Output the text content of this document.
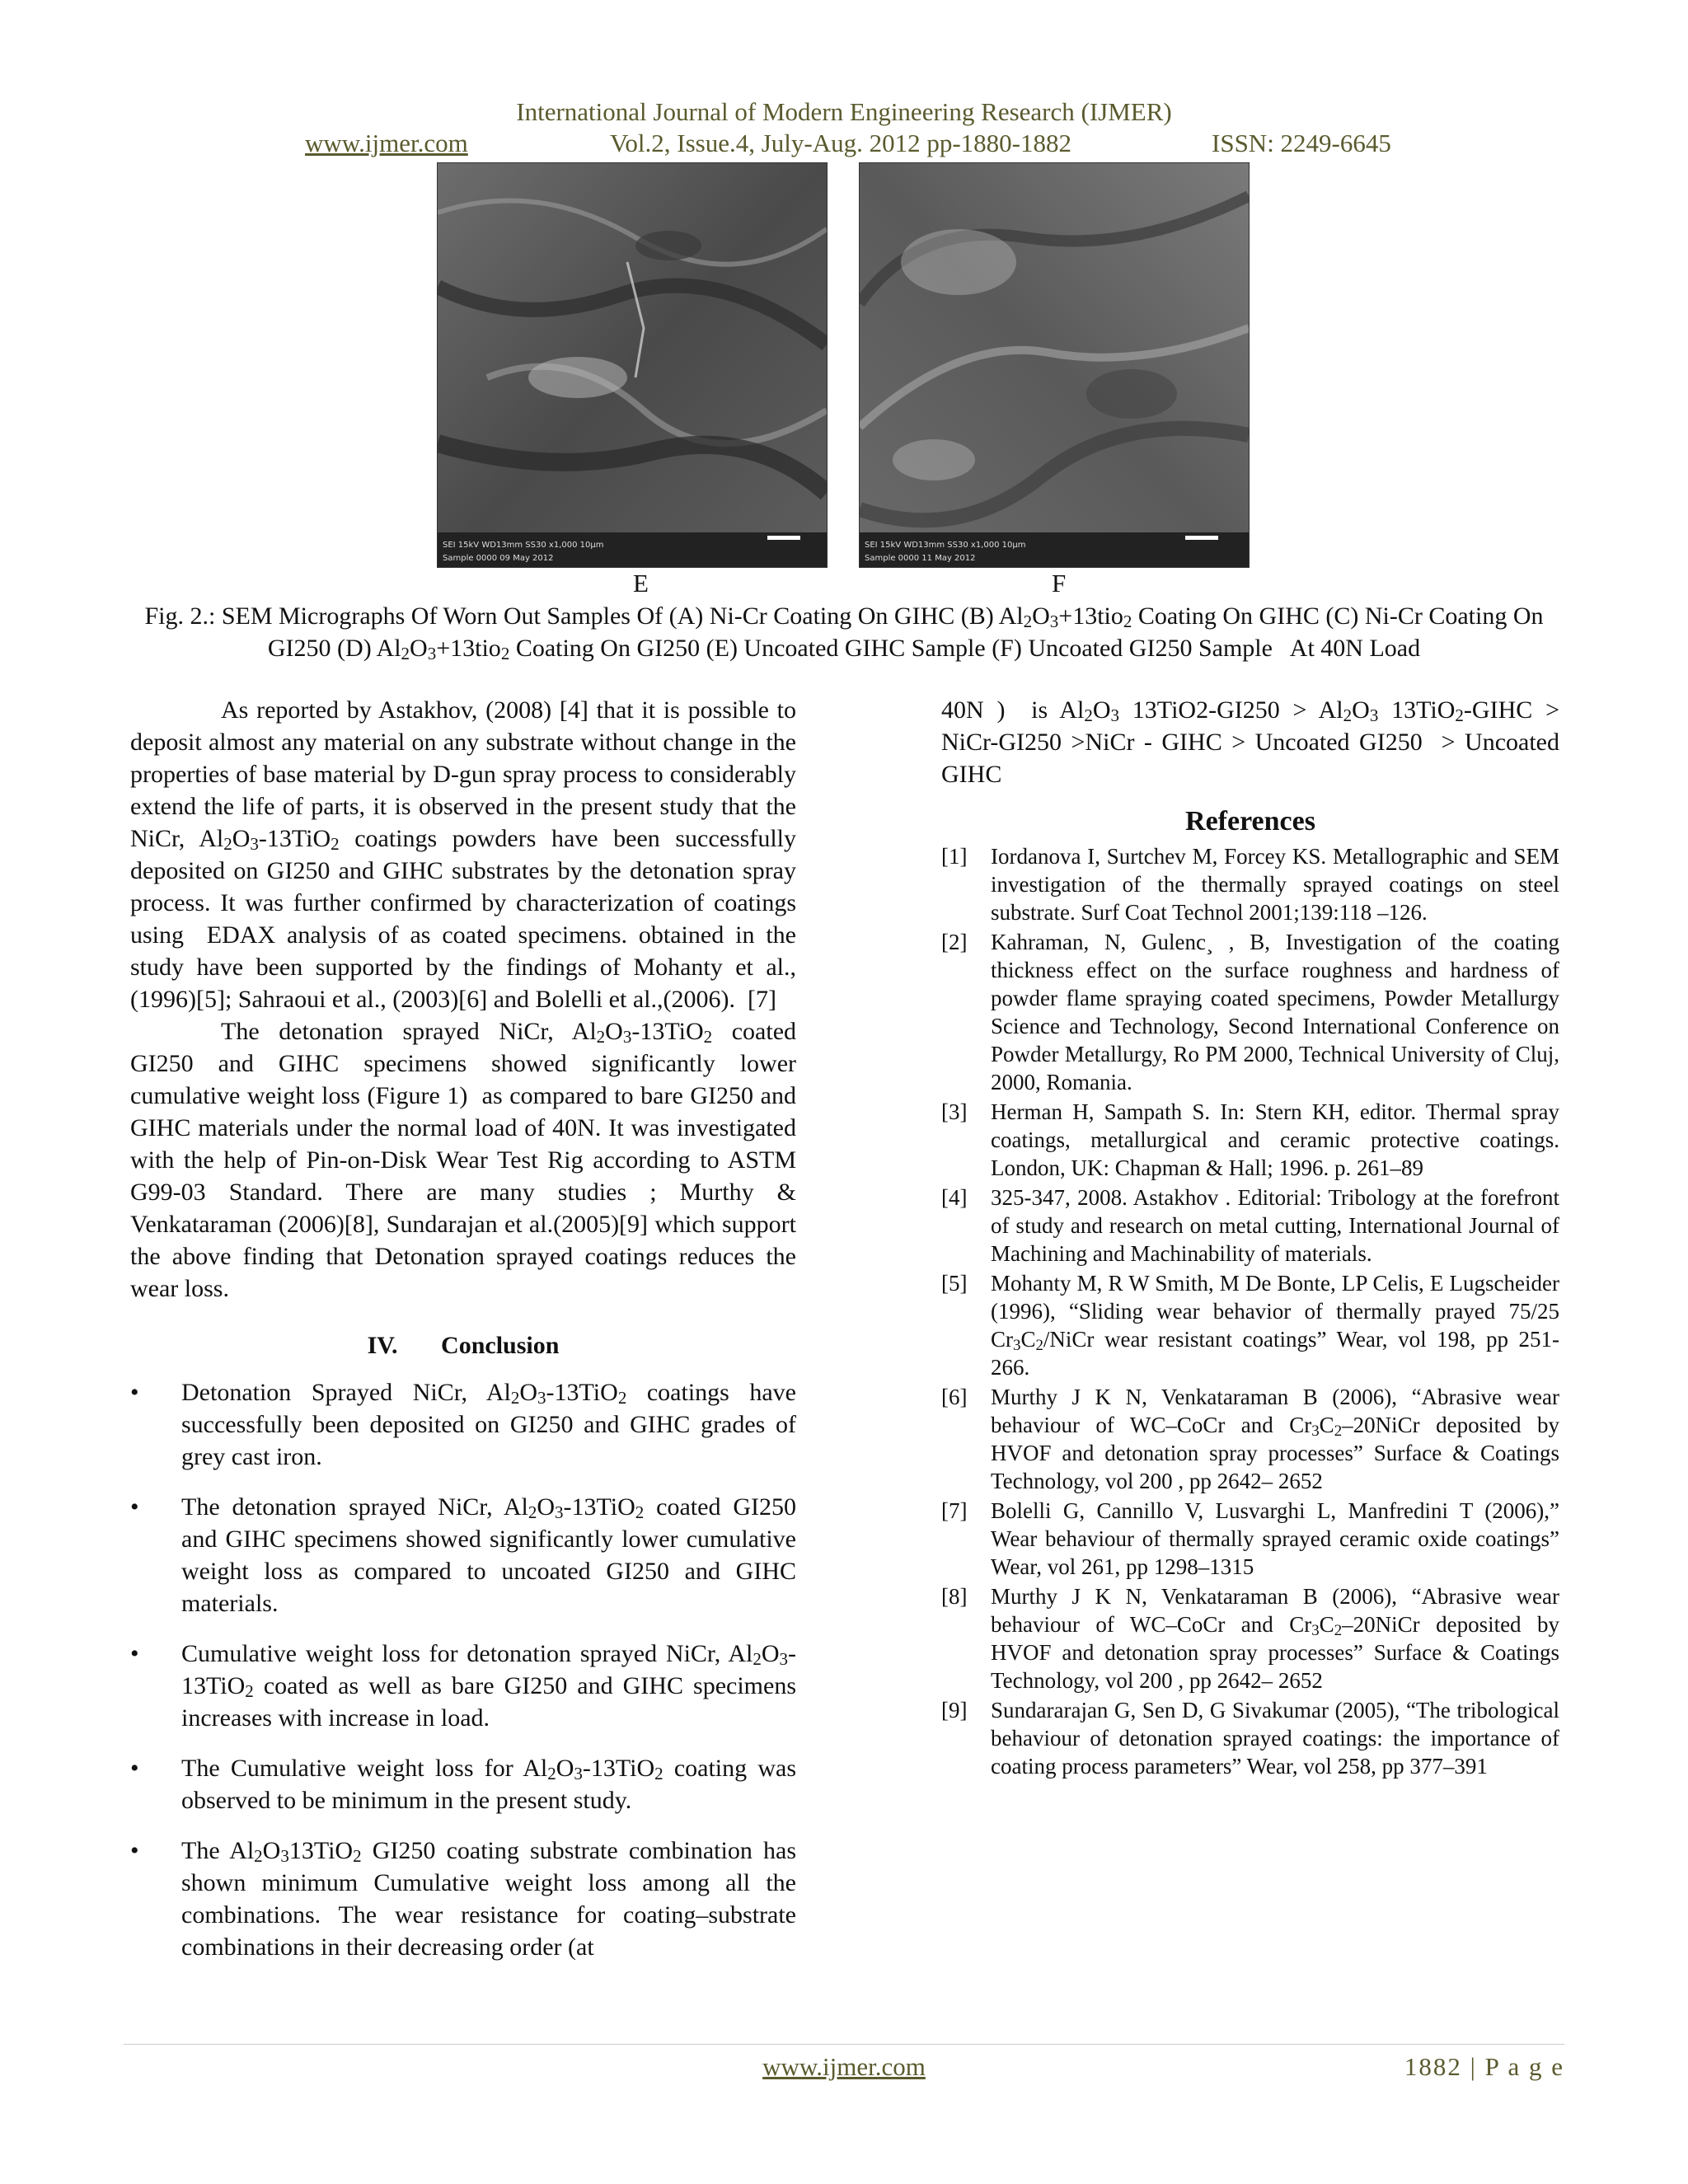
International Journal of Modern Engineering Research (IJMER)
www.ijmer.com	Vol.2, Issue.4, July-Aug. 2012 pp-1880-1882	ISSN: 2249-6645
SEI 15kV WD13mm SS30 x1,000 10µm
Sample 0000 09 May 2012
SEI 15kV WD13mm SS30 x1,000 10µm
Sample 0000 11 May 2012
E	F
Fig. 2.: SEM Micrographs Of Worn Out Samples Of (A) Ni-Cr Coating On GIHC (B) $Al_2O_3+13tio_2$ Coating On GIHC (C) Ni-Cr Coating On GI250 (D) $Al_2O_3+13tio_2$ Coating On GI250 (E) Uncoated GIHC Sample (F) Uncoated GI250 Sample   At 40N Load

As reported by Astakhov, (2008) [4] that it is possible to deposit almost any material on any substrate without change in the properties of base material by D-gun spray process to considerably extend the life of parts, it is observed in the present study that the NiCr, $Al_2O_3-13TiO_2$ coatings powders have been successfully deposited on GI250 and GIHC substrates by the detonation spray process. It was further confirmed by characterization of coatings using  EDAX analysis of as coated specimens. obtained in the study have been supported by the findings of Mohanty et al., (1996)[5]; Sahraoui et al., (2003)[6] and Bolelli et al.,(2006).  [7]

The detonation sprayed NiCr, $Al_2O_3-13TiO_2$ coated GI250 and GIHC specimens showed significantly lower cumulative weight loss (Figure 1)  as compared to bare GI250 and GIHC materials under the normal load of 40N. It was investigated with the help of Pin-on-Disk Wear Test Rig according to ASTM G99-03 Standard. There are many studies ; Murthy & Venkataraman (2006)[8], Sundarajan et al.(2005)[9] which support the above finding that Detonation sprayed coatings reduces the wear loss.

IV. Conclusion
• Detonation Sprayed NiCr, $Al_2O_3-13TiO_2$ coatings have successfully been deposited on GI250 and GIHC grades of grey cast iron.
• The detonation sprayed NiCr, $Al_2O_3-13TiO_2$ coated GI250 and GIHC specimens showed significantly lower cumulative weight loss as compared to uncoated GI250 and GIHC materials.
• Cumulative weight loss for detonation sprayed NiCr, $Al_2O_3-13TiO_2$ coated as well as bare GI250 and GIHC specimens increases with increase in load.
• The Cumulative weight loss for $Al_2O_3-13TiO_2$ coating was observed to be minimum in the present study.
• The $Al_2O_313TiO_2$ GI250 coating substrate combination has shown minimum Cumulative weight loss among all the combinations. The wear resistance for coating–substrate combinations in their decreasing order (at

40N )  is $Al_2O_3$ $13TiO2-GI250 > Al_2O_3$ 13TiO$_2$-GIHC > NiCr-GI250 >NiCr - GIHC > Uncoated GI250  > Uncoated GIHC

References
[1] Iordanova I, Surtchev M, Forcey KS. Metallographic and SEM investigation of the thermally sprayed coatings on steel substrate. Surf Coat Technol 2001;139:118 –126.
[2] Kahraman, N, Gulenc¸ , B, Investigation of the coating thickness effect on the surface roughness and hardness of powder flame spraying coated specimens, Powder Metallurgy Science and Technology, Second International Conference on Powder Metallurgy, Ro PM 2000, Technical University of Cluj, 2000, Romania.
[3] Herman H, Sampath S. In: Stern KH, editor. Thermal spray coatings, metallurgical and ceramic protective coatings. London, UK: Chapman & Hall; 1996. p. 261–89
[4] 325-347, 2008. Astakhov . Editorial: Tribology at the forefront of study and research on metal cutting, International Journal of Machining and Machinability of materials.
[5] Mohanty M, R W Smith, M De Bonte, LP Celis, E Lugscheider (1996), “Sliding wear behavior of thermally prayed 75/25 $Cr_3C_2$/NiCr wear resistant coatings” Wear, vol 198, pp 251-266.
[6] Murthy J K N, Venkataraman B (2006), “Abrasive wear behaviour of WC–CoCr and $Cr_3C_2-20NiCr$ deposited by HVOF and detonation spray processes” Surface & Coatings Technology, vol 200 , pp 2642– 2652
[7] Bolelli G, Cannillo V, Lusvarghi L, Manfredini T (2006),” Wear behaviour of thermally sprayed ceramic oxide coatings” Wear, vol 261, pp 1298–1315
[8] Murthy J K N, Venkataraman B (2006), “Abrasive wear behaviour of WC–CoCr and $Cr_3C_2-20NiCr$ deposited by HVOF and detonation spray processes” Surface & Coatings Technology, vol 200 , pp 2642– 2652
[9] Sundararajan G, Sen D, G Sivakumar (2005), “The tribological behaviour of detonation sprayed coatings: the importance of coating process parameters” Wear, vol 258, pp 377–391
www.ijmer.com	1882 | P a g e
